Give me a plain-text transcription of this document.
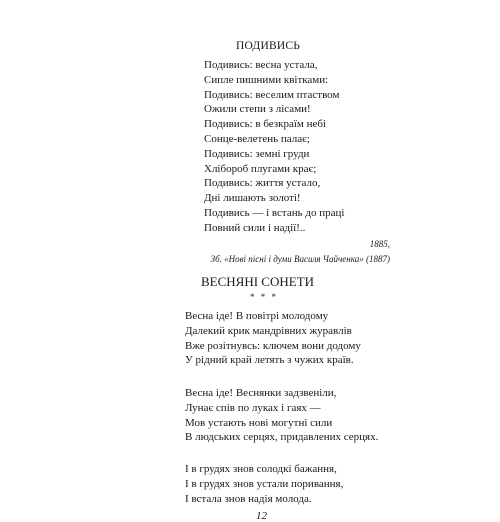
ПОДИВИСЬ
Подивись: весна устала,
Сипле пишними квітками:
Подивись: веселим птаством
Ожили степи з лісами!
Подивись: в безкраїм небі
Сонце-велетень палає;
Подивись: земні груди
Хлібороб плугами крає;
Подивись: життя устало,
Дні лишають золоті!
Подивись — і встань до праці
Повний сили і надії!..
1885,
Зб. «Нові пісні і думи Василя Чайченка» (1887)
ВЕСНЯНІ СОНЕТИ
* * *
Весна іде! В повітрі молодому
Далекий крик мандрівних журавлів
Вже розітнувсь: ключем вони додому
У рідний край летять з чужих країв.
Весна іде! Веснянки задзвеніли,
Лунає спів по луках і гаях —
Мов устають нові могутні сили
В людських серцях, придавлених серцях.
І в грудях знов солодкі бажання,
І в грудях знов устали поривання,
І встала знов надія молода.
12
